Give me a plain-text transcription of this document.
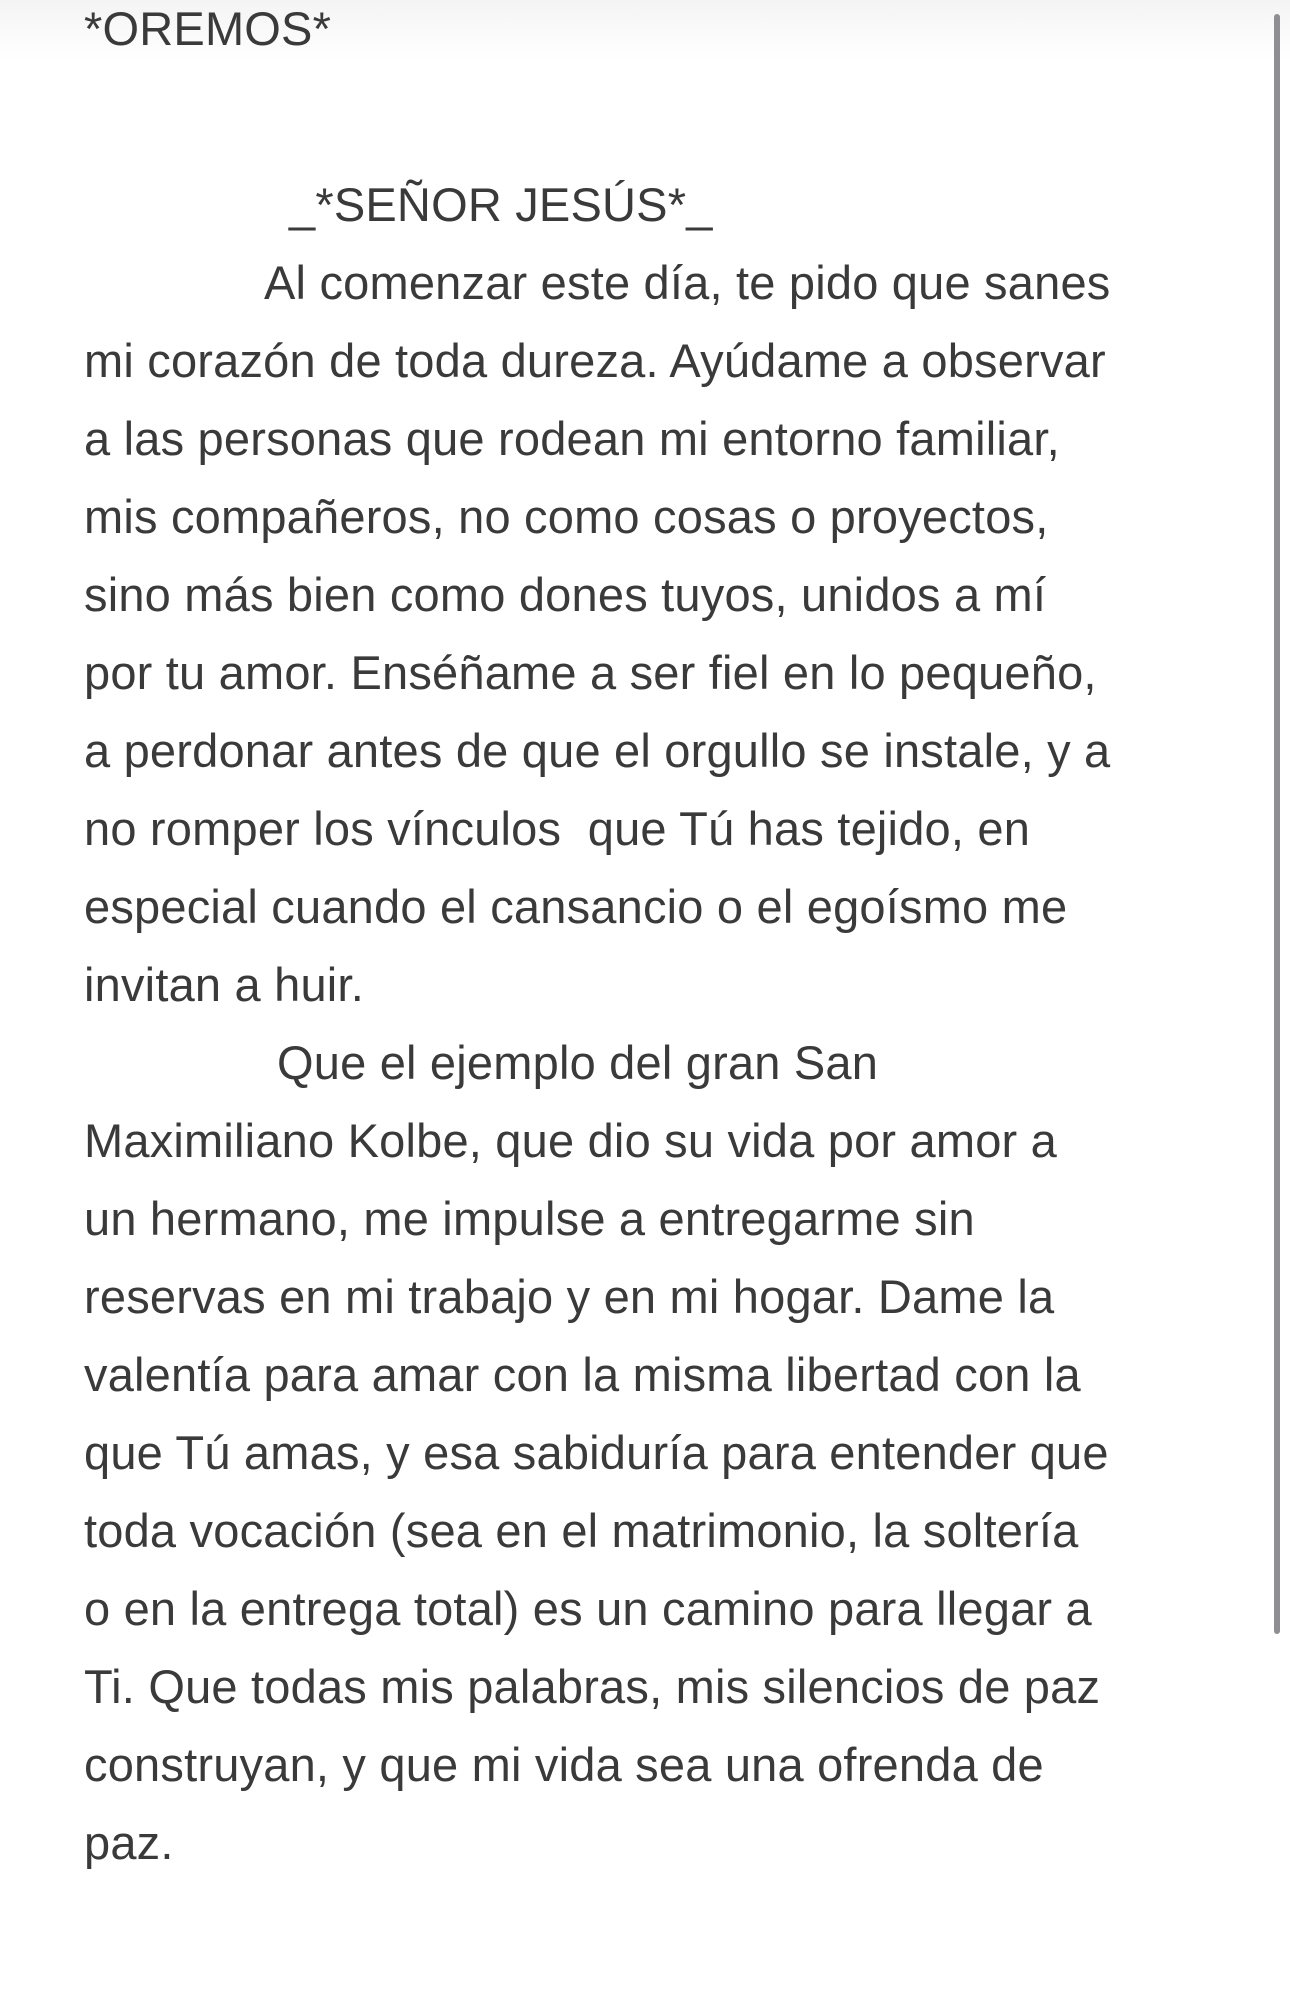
*OREMOS*
_*SEÑOR JESÚS*_
Al comenzar este día, te pido que sanes
mi corazón de toda dureza. Ayúdame a observar
a las personas que rodean mi entorno familiar,
mis compañeros, no como cosas o proyectos,
sino más bien como dones tuyos, unidos a mí
por tu amor. Enséñame a ser fiel en lo pequeño,
a perdonar antes de que el orgullo se instale, y a
no romper los vínculos  que Tú has tejido, en
especial cuando el cansancio o el egoísmo me
invitan a huir.
Que el ejemplo del gran San
Maximiliano Kolbe, que dio su vida por amor a
un hermano, me impulse a entregarme sin
reservas en mi trabajo y en mi hogar. Dame la
valentía para amar con la misma libertad con la
que Tú amas, y esa sabiduría para entender que
toda vocación (sea en el matrimonio, la soltería
o en la entrega total) es un camino para llegar a
Ti. Que todas mis palabras, mis silencios de paz
construyan, y que mi vida sea una ofrenda de
paz.
